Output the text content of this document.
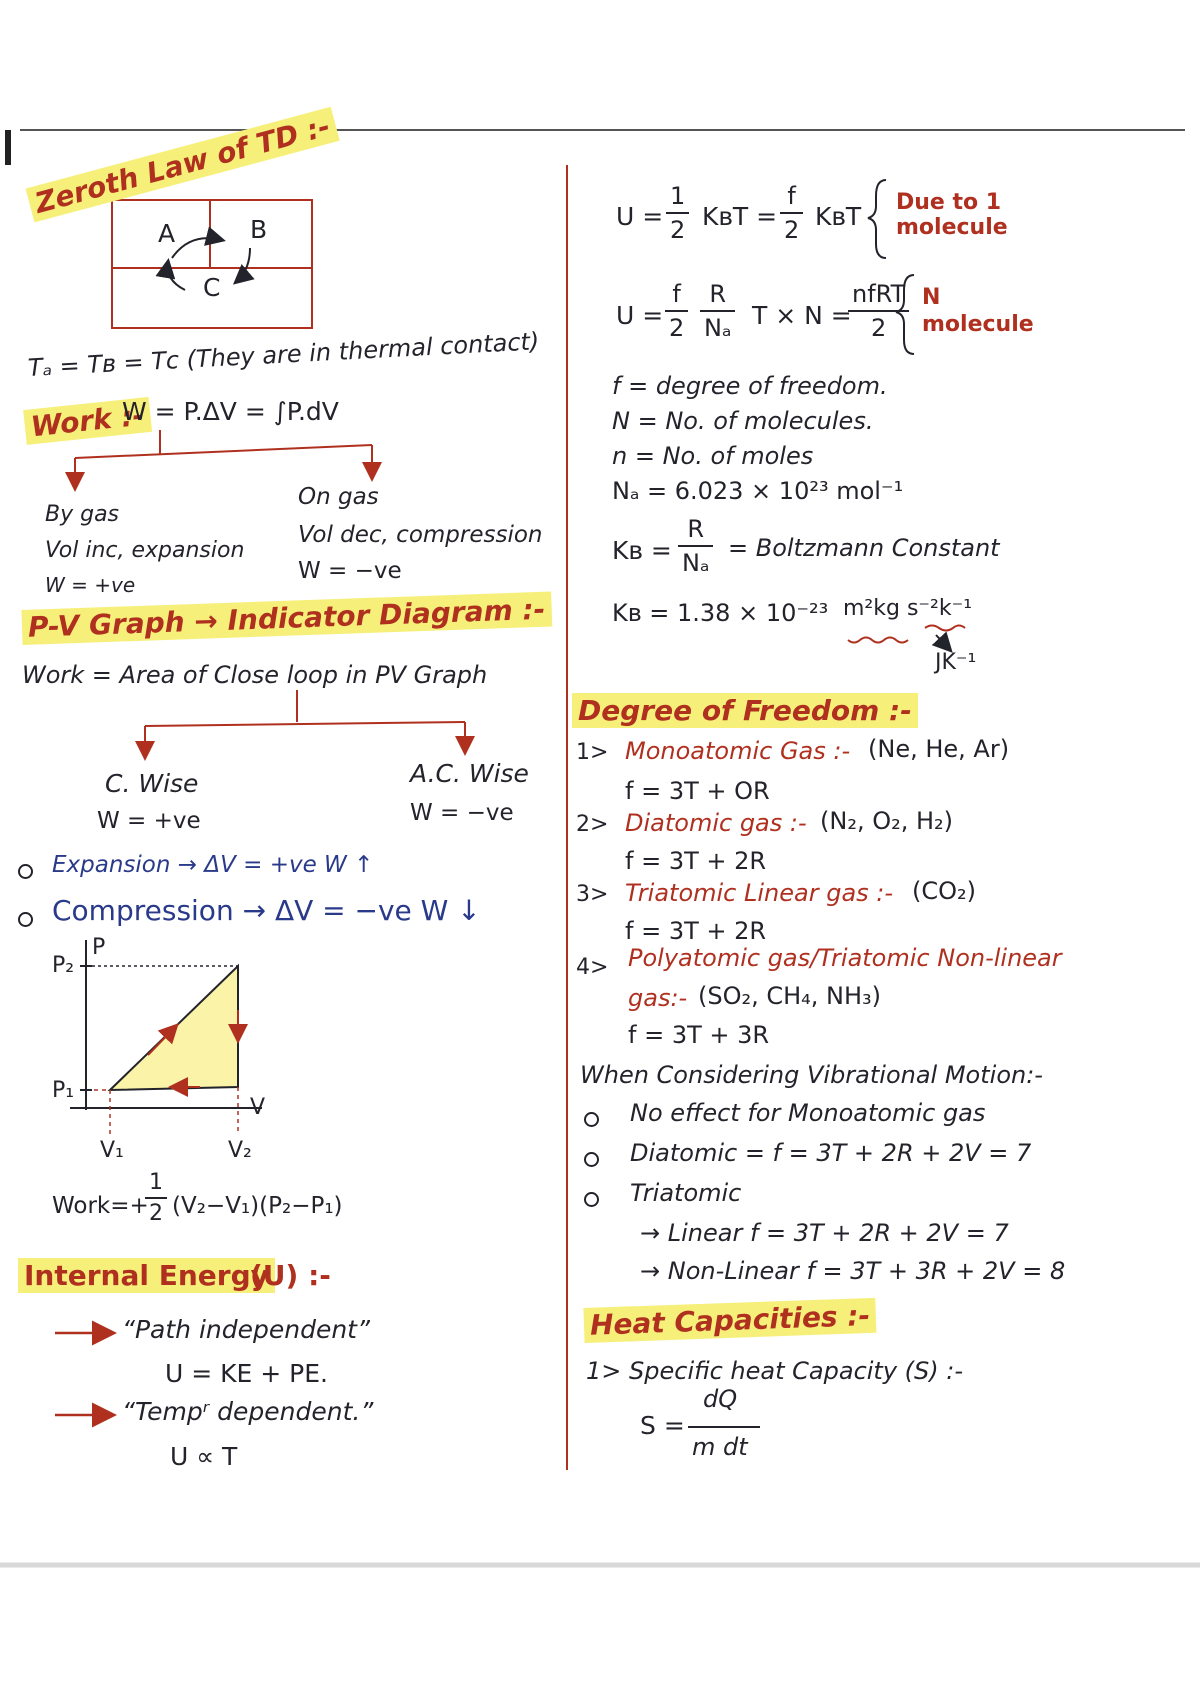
Zeroth Law of TD :-
A	B
C
Tₐ = Tʙ = Tᴄ (They are in thermal contact)
Work :-
W = P.ΔV = ∫P.dV
By gas
Vol inc, expansion
W = +ve
On gas
Vol dec, compression
W = −ve
P-V Graph → Indicator Diagram :-
Work = Area of Close loop in PV Graph
C. Wise
W = +ve
A.C. Wise
W = −ve
Expansion → ΔV = +ve W ↑
Compression → ΔV = −ve W ↓
P
V
P₂
P₁
V₁	V₂
Work=+
1
2 (V₂−V₁)(P₂−P₁)
Internal Energy
(U) :-
“Path independent”
U = KE + PE.
“Tempʳ dependent.”
U ∝ T
U =
1
2 KʙT =
f
2 KʙT Due to 1
molecule
U =
f
2
R
Nₐ T × N =
nfRT
2
N
molecule
f = degree of freedom.
N = No. of molecules.
n = No. of moles
Nₐ = 6.023 × 10²³ mol⁻¹
Kʙ =
R
Nₐ
= Boltzmann Constant
Kʙ = 1.38 × 10⁻²³ m²kg s⁻²k⁻¹
JK⁻¹
Degree of Freedom :-
1> Monoatomic Gas :- (Ne, He, Ar)
f = 3T + OR
2> Diatomic gas :- (N₂, O₂, H₂)
f = 3T + 2R
3> Triatomic Linear gas :- (CO₂)
f = 3T + 2R
4> Polyatomic gas/Triatomic Non-linear
gas:- (SO₂, CH₄, NH₃)
f = 3T + 3R
When Considering Vibrational Motion:-
No effect for Monoatomic gas
Diatomic = f = 3T + 2R + 2V = 7
Triatomic
→ Linear f = 3T + 2R + 2V = 7
→ Non-Linear f = 3T + 3R + 2V = 8
Heat Capacities :-
1> Specific heat Capacity (S) :-
S =
dQ
m dt
